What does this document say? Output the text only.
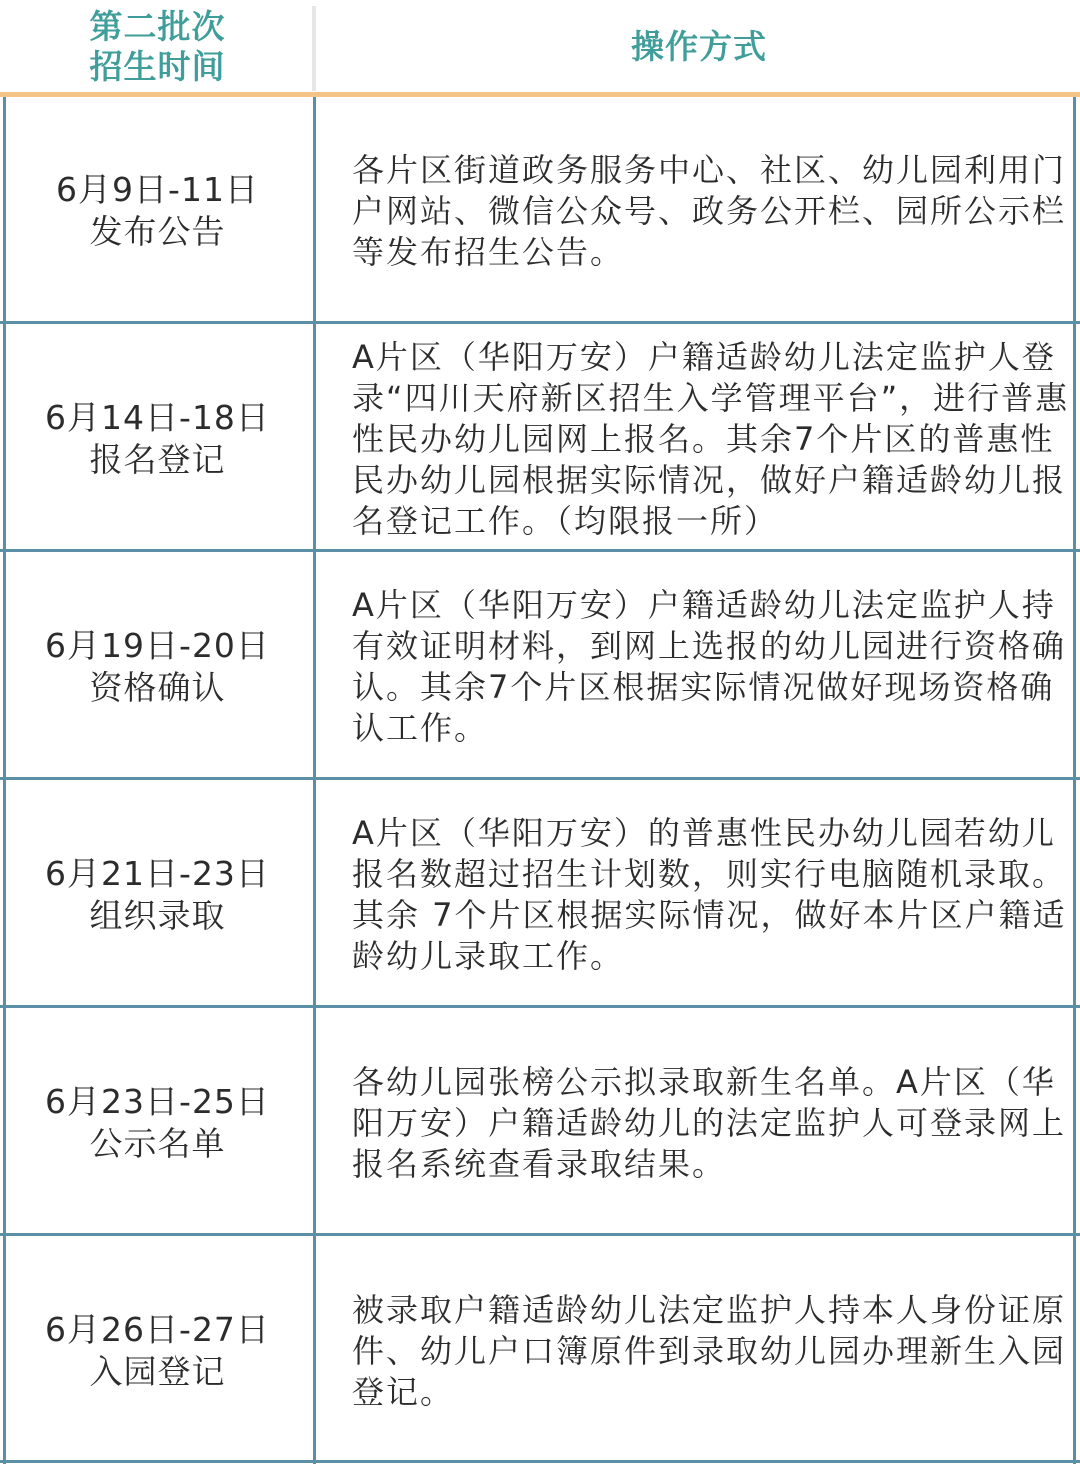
第二批次
招生时间
操作方式
6月9日-11日
发布公告
各片区街道政务服务中心、社区、幼儿园利用门户网站、微信公众号、政务公开栏、园所公示栏等发布招生公告。
6月14日-18日
报名登记
A片区（华阳万安）户籍适龄幼儿法定监护人登录“四川天府新区招生入学管理平台”，进行普惠性民办幼儿园网上报名。其余7个片区的普惠性民办幼儿园根据实际情况，做好户籍适龄幼儿报名登记工作。（均限报一所）
6月19日-20日
资格确认
A片区（华阳万安）户籍适龄幼儿法定监护人持有效证明材料，到网上选报的幼儿园进行资格确认。其余7个片区根据实际情况做好现场资格确认工作。
6月21日-23日
组织录取
A片区（华阳万安）的普惠性民办幼儿园若幼儿报名数超过招生计划数，则实行电脑随机录取。其余 7个片区根据实际情况，做好本片区户籍适龄幼儿录取工作。
6月23日-25日
公示名单
各幼儿园张榜公示拟录取新生名单。A片区（华阳万安）户籍适龄幼儿的法定监护人可登录网上报名系统查看录取结果。
6月26日-27日
入园登记
被录取户籍适龄幼儿法定监护人持本人身份证原件、幼儿户口簿原件到录取幼儿园办理新生入园登记。
